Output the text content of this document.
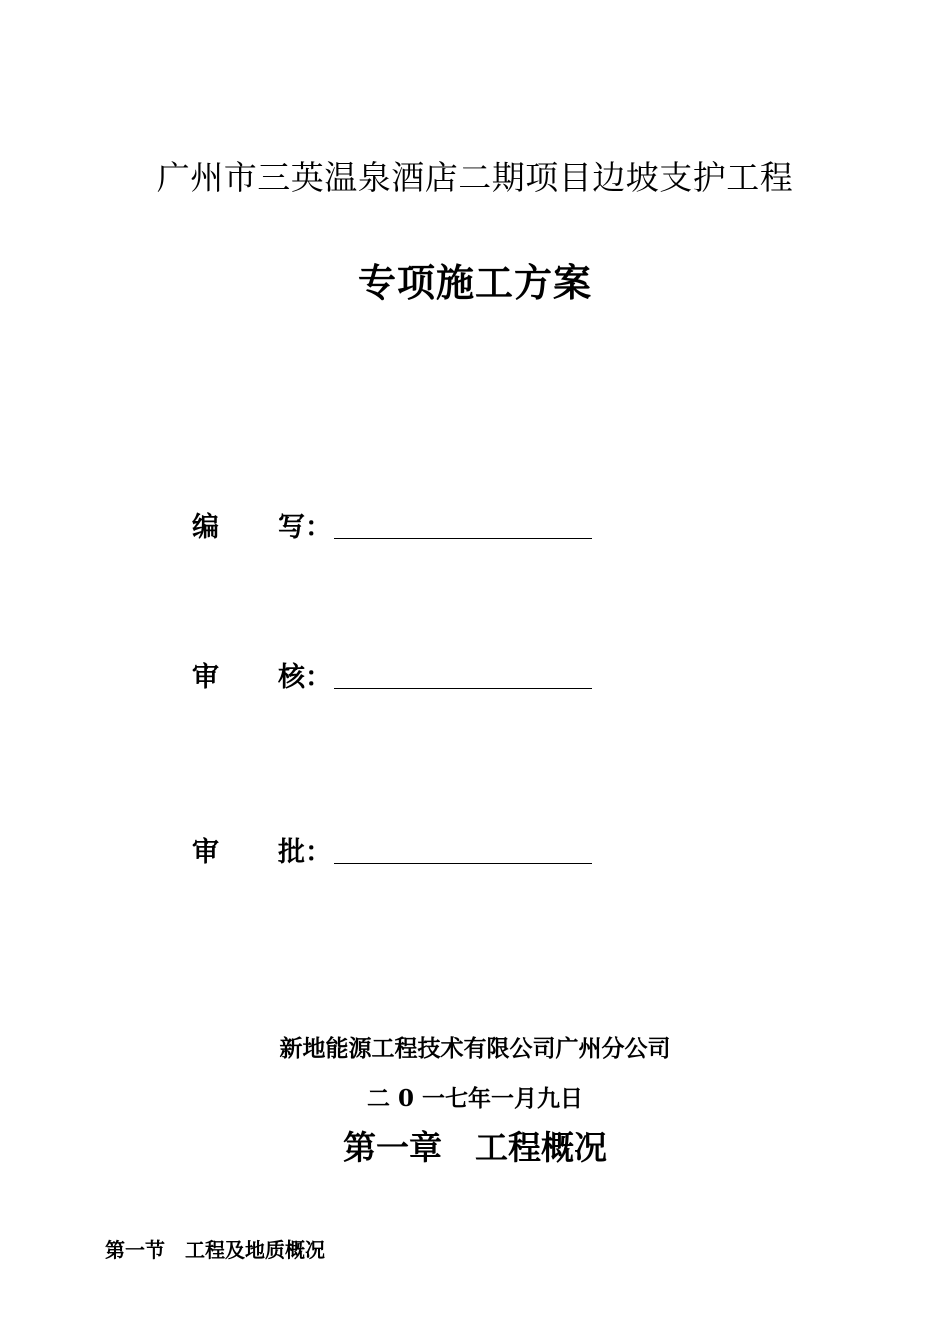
广州市三英温泉酒店二期项目边坡支护工程
专项施工方案
编 写：
审 核：
审 批：
新地能源工程技术有限公司广州分公司
二 0 一七年一月九日
第一章　工程概况
第一节　工程及地质概况
